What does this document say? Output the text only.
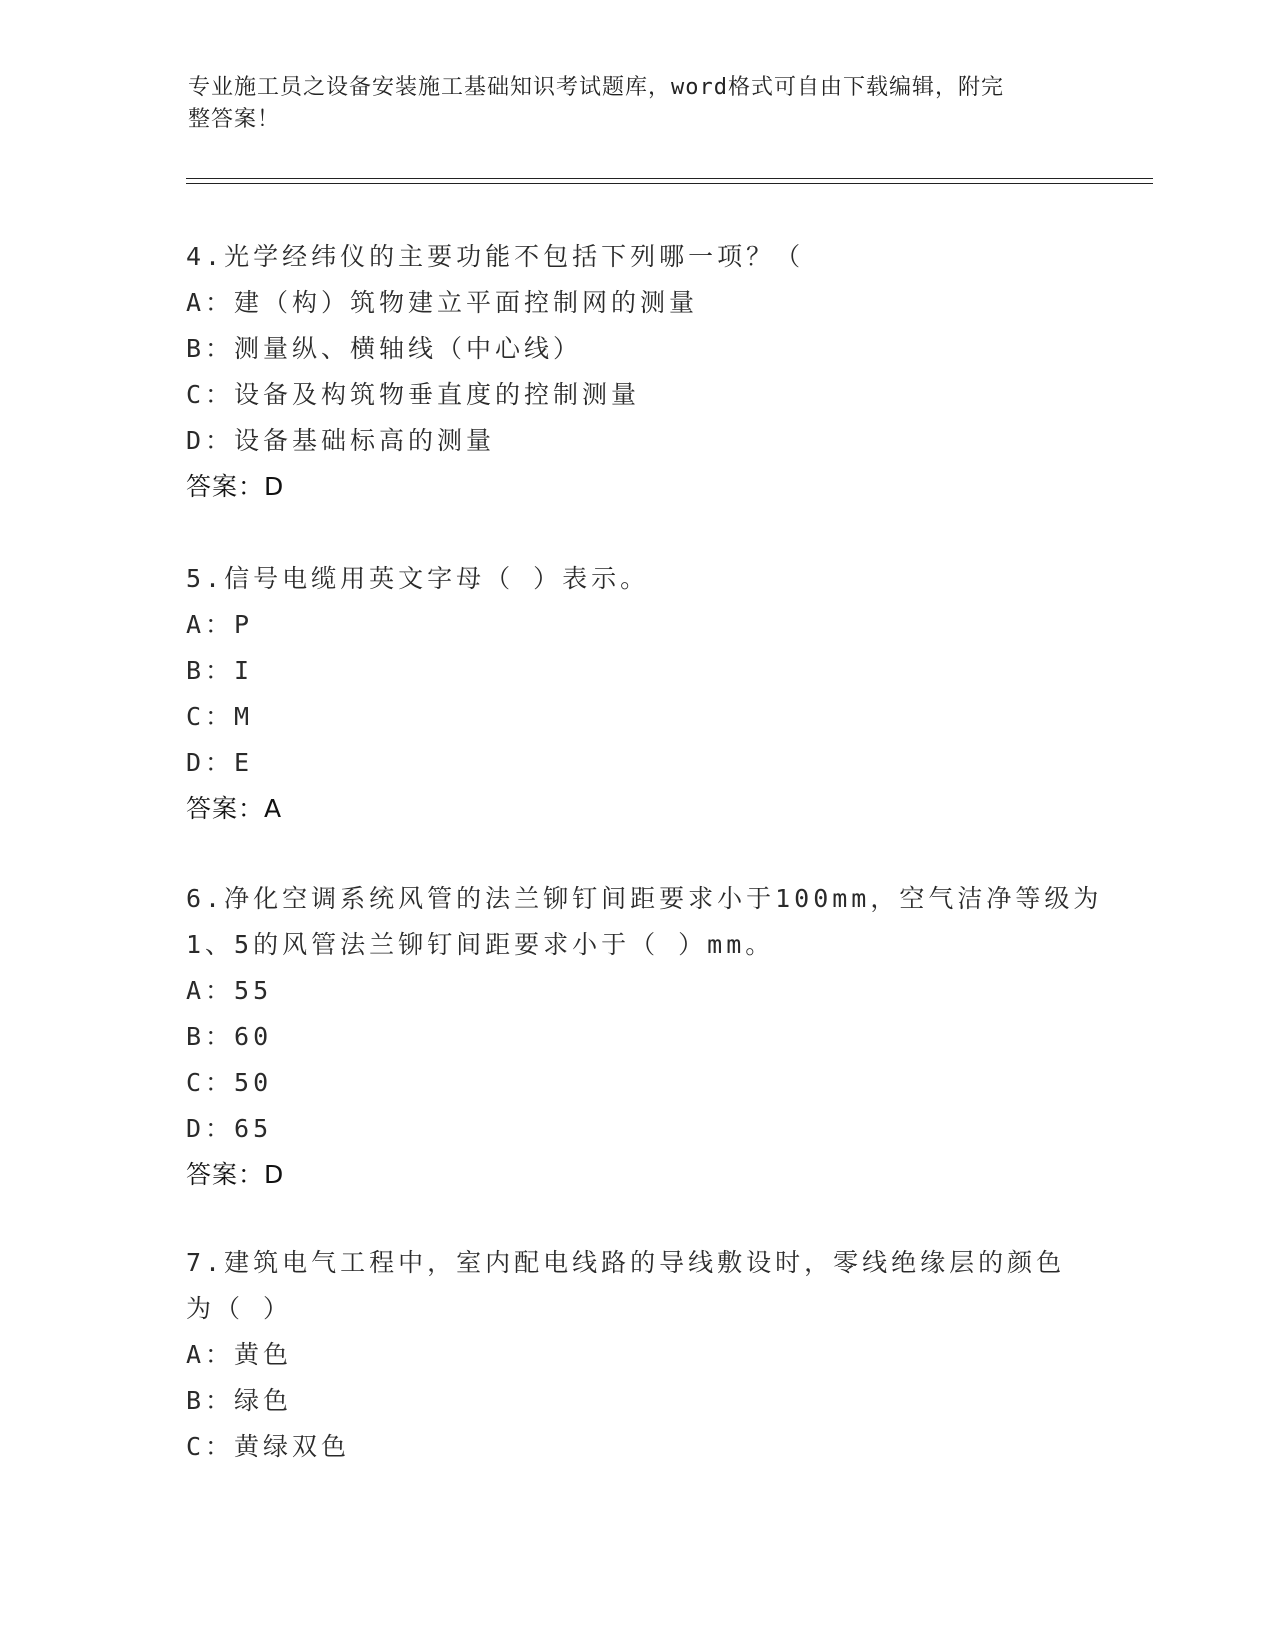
专业施工员之设备安装施工基础知识考试题库，word格式可自由下载编辑，附完
整答案！
4.光学经纬仪的主要功能不包括下列哪一项？（
A：建（构）筑物建立平面控制网的测量
B：测量纵、横轴线（中心线）
C：设备及构筑物垂直度的控制测量
D：设备基础标高的测量
答案：D
5.信号电缆用英文字母（ ）表示。
A：P
B：I
C：M
D：E
答案：A
6.净化空调系统风管的法兰铆钉间距要求小于100mm，空气洁净等级为
1、5的风管法兰铆钉间距要求小于（ ）mm。
A：55
B：60
C：50
D：65
答案：D
7.建筑电气工程中，室内配电线路的导线敷设时，零线绝缘层的颜色
为（ ）
A：黄色
B：绿色
C：黄绿双色
